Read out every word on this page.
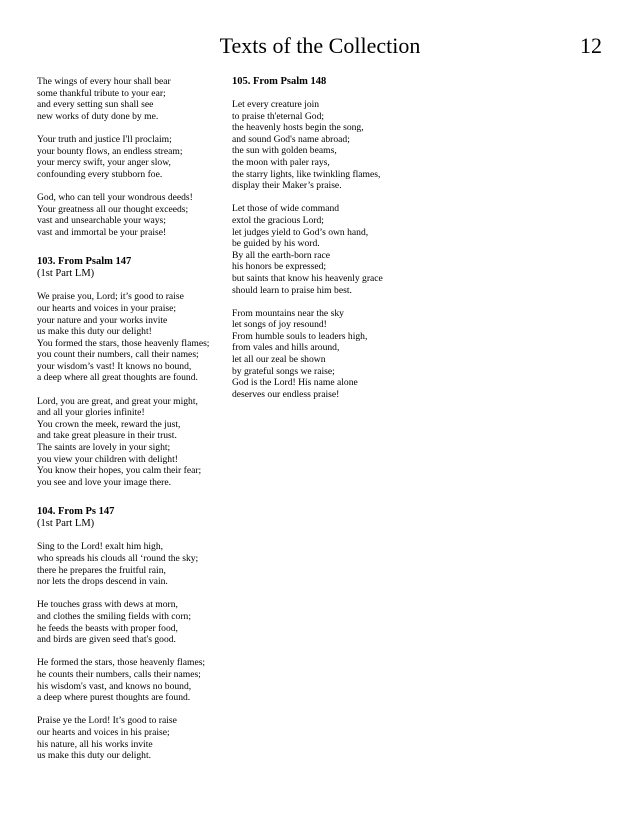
Texts of the Collection	12
The wings of every hour shall bear
some thankful tribute to your ear;
and every setting sun shall see
new works of duty done by me.
Your truth and justice I'll proclaim;
your bounty flows, an endless stream;
your mercy swift, your anger slow,
confounding every stubborn foe.
God, who can tell your wondrous deeds!
Your greatness all our thought exceeds;
vast and unsearchable your ways;
vast and immortal be your praise!
103. From Psalm 147
(1st Part LM)
We praise you, Lord; it’s good to raise
our hearts and voices in your praise;
your nature and your works invite
us make this duty our delight!
You formed the stars, those heavenly flames;
you count their numbers, call their names;
your wisdom’s vast! It knows no bound,
a deep where all great thoughts are found.
Lord, you are great, and great your might,
and all your glories infinite!
You crown the meek, reward the just,
and take great pleasure in their trust.
The saints are lovely in your sight;
you view your children with delight!
You know their hopes, you calm their fear;
you see and love your image there.
104. From Ps 147
(1st Part LM)
Sing to the Lord! exalt him high,
who spreads his clouds all ‘round the sky;
there he prepares the fruitful rain,
nor lets the drops descend in vain.
He touches grass with dews at morn,
and clothes the smiling fields with corn;
he feeds the beasts with proper food,
and birds are given seed that's good.
He formed the stars, those heavenly flames;
he counts their numbers, calls their names;
his wisdom's vast, and knows no bound,
a deep where purest thoughts are found.
Praise ye the Lord! It’s good to raise
our hearts and voices in his praise;
his nature, all his works invite
us make this duty our delight.
105. From Psalm 148
Let every creature join
to praise th'eternal God;
the heavenly hosts begin the song,
and sound God's name abroad;
the sun with golden beams,
the moon with paler rays,
the starry lights, like twinkling flames,
display their Maker’s praise.
Let those of wide command
extol the gracious Lord;
let judges yield to God’s own hand,
be guided by his word.
By all the earth-born race
his honors be expressed;
but saints that know his heavenly grace
should learn to praise him best.
From mountains near the sky
let songs of joy resound!
From humble souls to leaders high,
from vales and hills around,
let all our zeal be shown
by grateful songs we raise;
God is the Lord! His name alone
deserves our endless praise!
